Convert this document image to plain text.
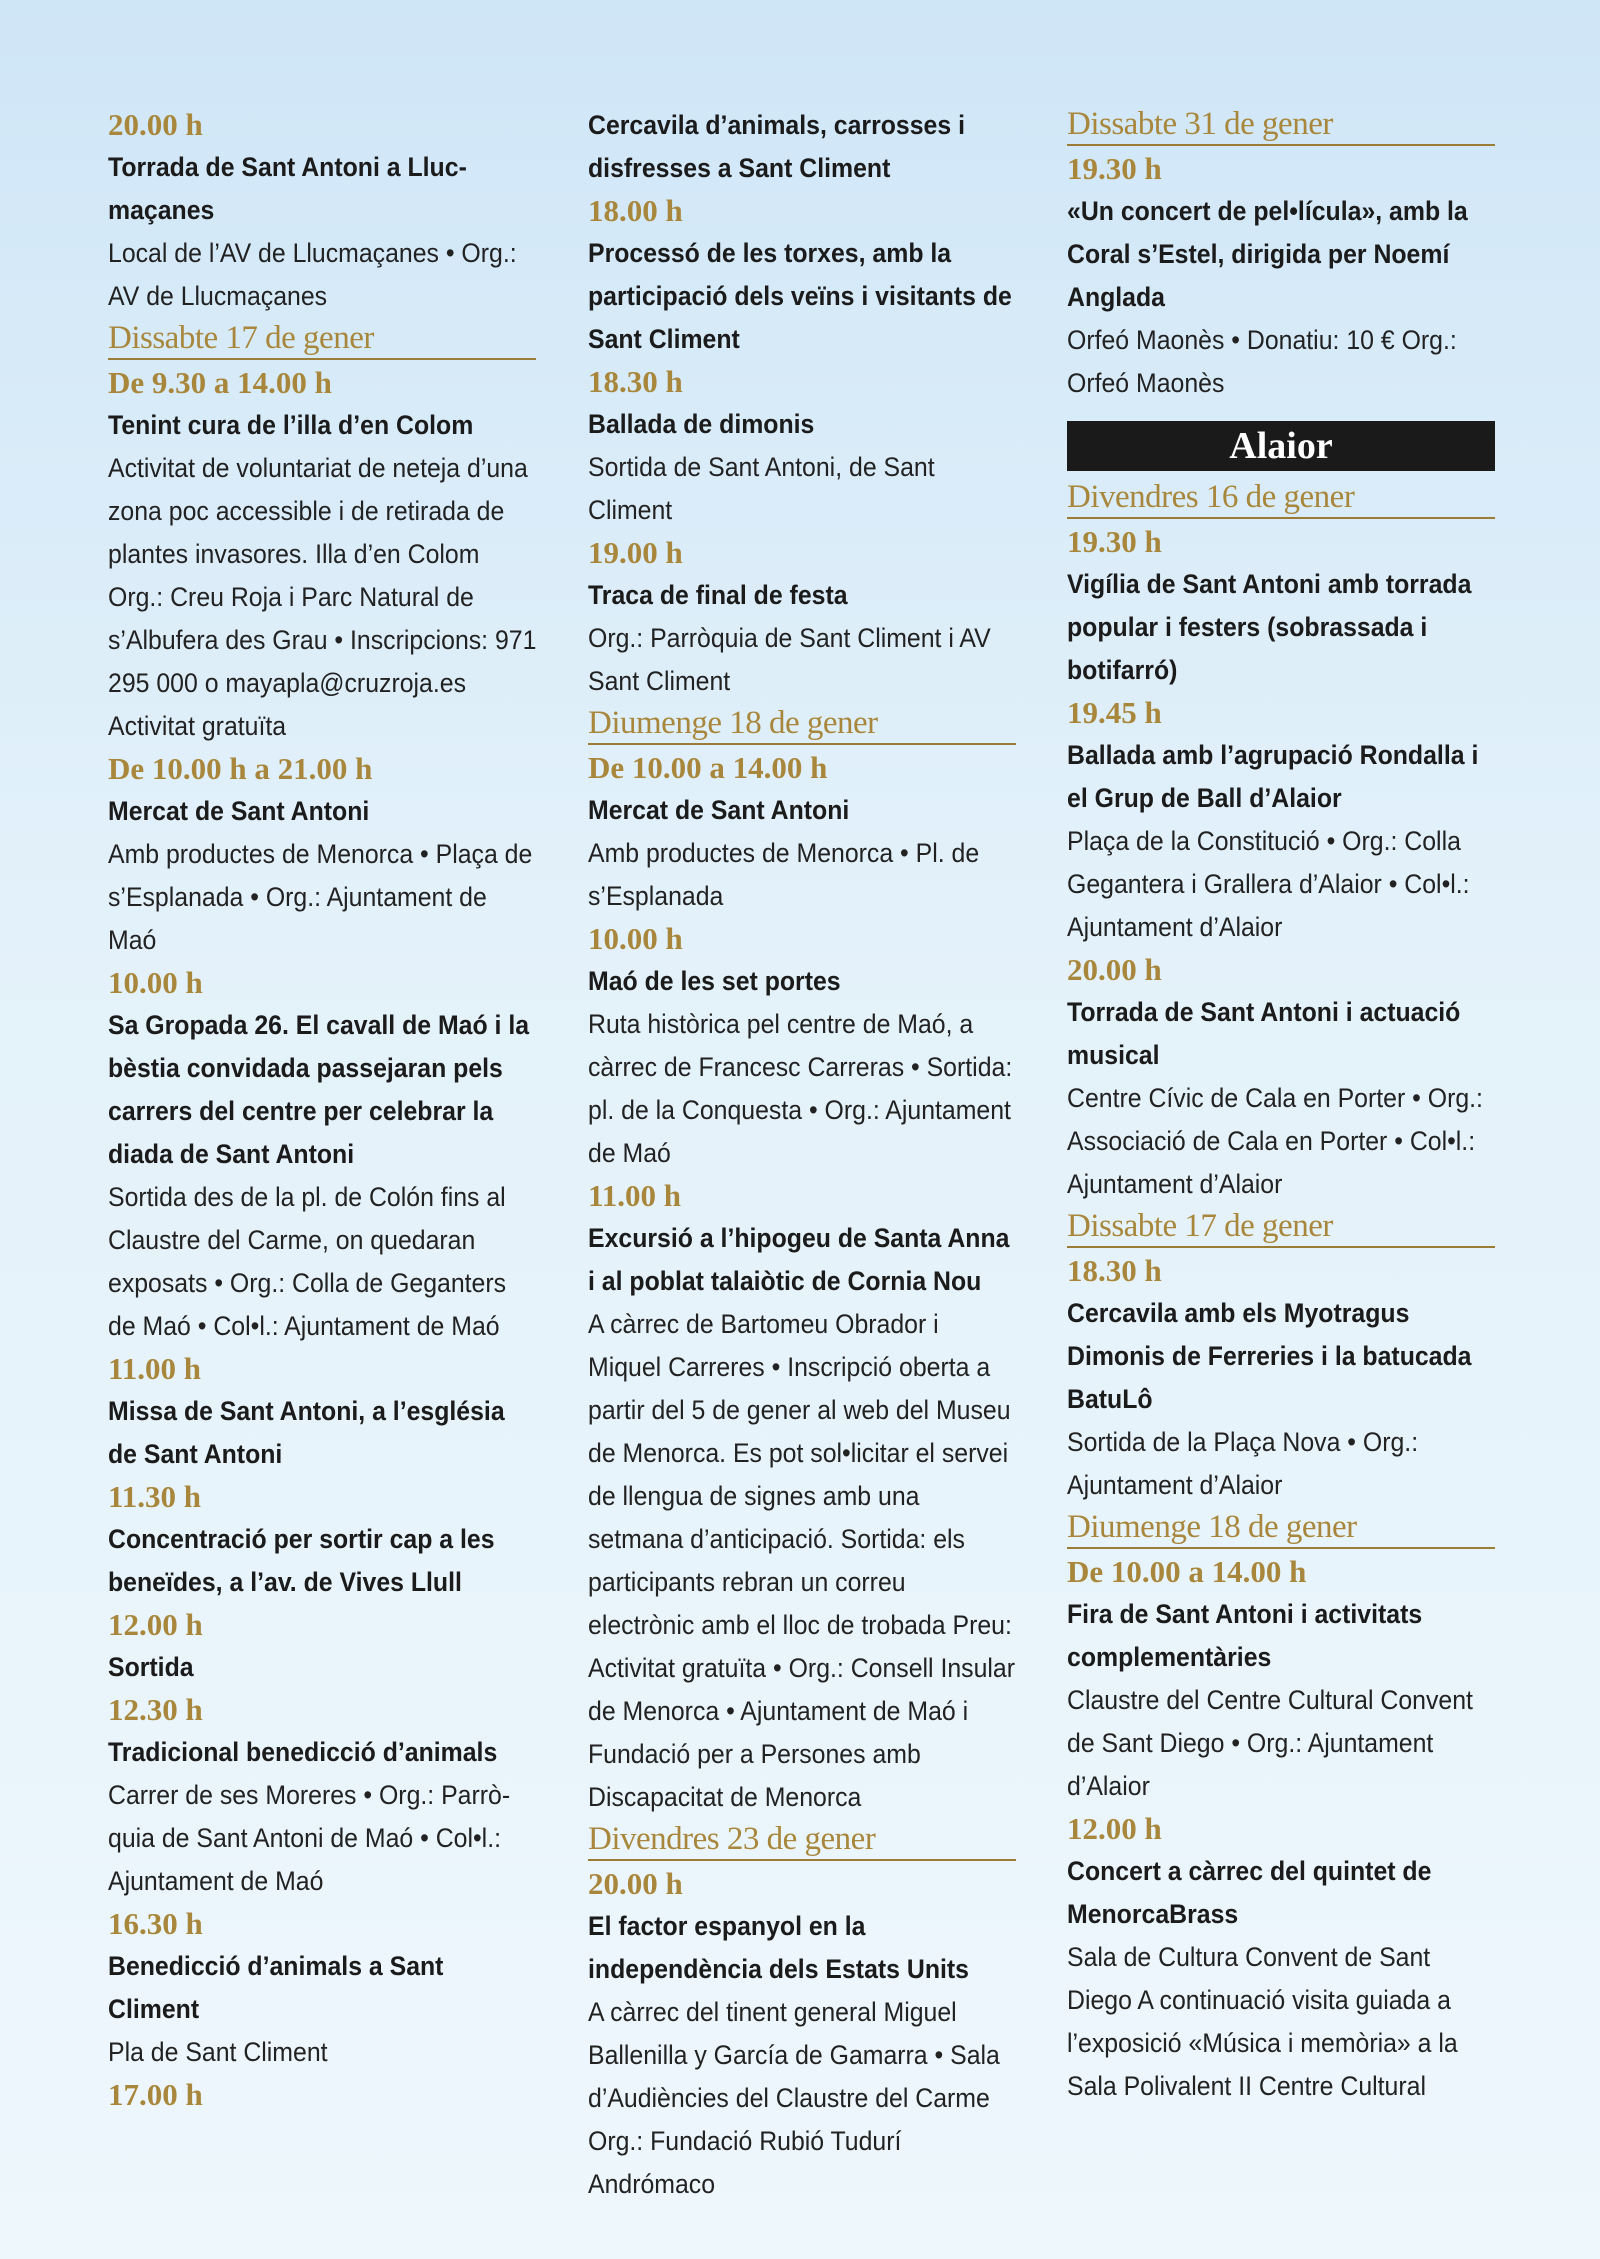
20.00 h
Torrada de Sant Antoni a Llucmaçanes
Local de l’AV de Llucmaçanes • Org.: AV de Llucmaçanes
Dissabte 17 de gener
De 9.30 a 14.00 h
Tenint cura de l’illa d’en Colom
Activitat de voluntariat de neteja d’una zona poc accessible i de retirada de plantes invasores. Illa d’en Colom Org.: Creu Roja i Parc Natural de s’Albufera des Grau • Inscripcions: 971 295 000 o mayapla@cruzroja.es Activitat gratuïta
De 10.00 h a 21.00 h
Mercat de Sant Antoni
Amb productes de Menorca • Plaça de s’Esplanada • Org.: Ajuntament de Maó
10.00 h
Sa Gropada 26. El cavall de Maó i la bèstia convidada passejaran pels carrers del centre per celebrar la diada de Sant Antoni
Sortida des de la pl. de Colón fins al Claustre del Carme, on quedaran exposats • Org.: Colla de Geganters de Maó • Col•l.: Ajuntament de Maó
11.00 h
Missa de Sant Antoni, a l’església de Sant Antoni
11.30 h
Concentració per sortir cap a les beneïdes, a l’av. de Vives Llull
12.00 h
Sortida
12.30 h
Tradicional benedicció d’animals
Carrer de ses Moreres • Org.: Parròquia de Sant Antoni de Maó • Col•l.: Ajuntament de Maó
16.30 h
Benedicció d’animals a Sant Climent
Pla de Sant Climent
17.00 h
Cercavila d’animals, carrosses i disfresses a Sant Climent
18.00 h
Processó de les torxes, amb la participació dels veïns i visitants de Sant Climent
18.30 h
Ballada de dimonis
Sortida de Sant Antoni, de Sant Climent
19.00 h
Traca de final de festa
Org.: Parròquia de Sant Climent i AV Sant Climent
Diumenge 18 de gener
De 10.00 a 14.00 h
Mercat de Sant Antoni
Amb productes de Menorca • Pl. de s’Esplanada
10.00 h
Maó de les set portes
Ruta històrica pel centre de Maó, a càrrec de Francesc Carreras • Sortida: pl. de la Conquesta • Org.: Ajuntament de Maó
11.00 h
Excursió a l’hipogeu de Santa Anna i al poblat talaiòtic de Cornia Nou
A càrrec de Bartomeu Obrador i Miquel Carreres • Inscripció oberta a partir del 5 de gener al web del Museu de Menorca. Es pot sol•licitar el servei de llengua de signes amb una setmana d’anticipació. Sortida: els participants rebran un correu electrònic amb el lloc de trobada Preu: Activitat gratuïta • Org.: Consell Insular de Menorca • Ajuntament de Maó i Fundació per a Persones amb Discapacitat de Menorca
Divendres 23 de gener
20.00 h
El factor espanyol en la independència dels Estats Units
A càrrec del tinent general Miguel Ballenilla y García de Gamarra • Sala d’Audiències del Claustre del Carme Org.: Fundació Rubió Tudurí Andrómaco
Dissabte 31 de gener
19.30 h
«Un concert de pel•lícula», amb la Coral s’Estel, dirigida per Noemí Anglada
Orfeó Maonès • Donatiu: 10 € Org.: Orfeó Maonès
Alaior
Divendres 16 de gener
19.30 h
Vigília de Sant Antoni amb torrada popular i festers (sobrassada i botifarró)
19.45 h
Ballada amb l’agrupació Rondalla i el Grup de Ball d’Alaior
Plaça de la Constitució • Org.: Colla Gegantera i Grallera d’Alaior • Col•l.: Ajuntament d’Alaior
20.00 h
Torrada de Sant Antoni i actuació musical
Centre Cívic de Cala en Porter • Org.: Associació de Cala en Porter • Col•l.: Ajuntament d’Alaior
Dissabte 17 de gener
18.30 h
Cercavila amb els Myotragus Dimonis de Ferreries i la batucada BatuLô
Sortida de la Plaça Nova • Org.: Ajuntament d’Alaior
Diumenge 18 de gener
De 10.00 a 14.00 h
Fira de Sant Antoni i activitats complementàries
Claustre del Centre Cultural Convent de Sant Diego • Org.: Ajuntament d’Alaior
12.00 h
Concert a càrrec del quintet de MenorcaBrass
Sala de Cultura Convent de Sant Diego A continuació visita guiada a l’exposició «Música i memòria» a la Sala Polivalent II Centre Cultural
